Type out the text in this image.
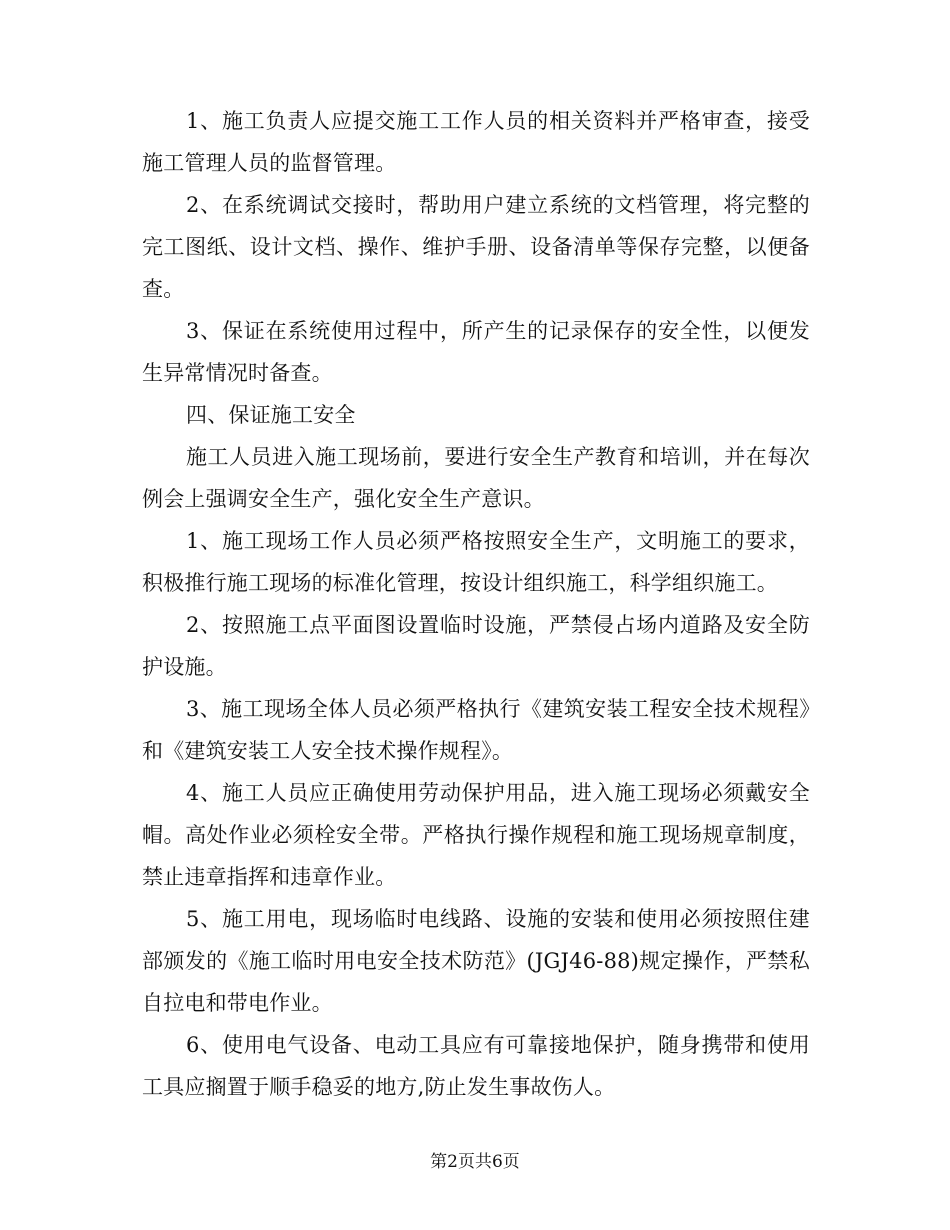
1、施工负责人应提交施工工作人员的相关资料并严格审查，接受施工管理人员的监督管理。

2、在系统调试交接时，帮助用户建立系统的文档管理，将完整的完工图纸、设计文档、操作、维护手册、设备清单等保存完整，以便备查。

3、保证在系统使用过程中，所产生的记录保存的安全性，以便发生异常情况时备查。

四、保证施工安全

施工人员进入施工现场前，要进行安全生产教育和培训，并在每次例会上强调安全生产，强化安全生产意识。

1、施工现场工作人员必须严格按照安全生产，文明施工的要求，积极推行施工现场的标准化管理，按设计组织施工，科学组织施工。

2、按照施工点平面图设置临时设施，严禁侵占场内道路及安全防护设施。

3、施工现场全体人员必须严格执行《建筑安装工程安全技术规程》和《建筑安装工人安全技术操作规程》。

4、施工人员应正确使用劳动保护用品，进入施工现场必须戴安全帽。高处作业必须栓安全带。严格执行操作规程和施工现场规章制度，禁止违章指挥和违章作业。

5、施工用电，现场临时电线路、设施的安装和使用必须按照住建部颁发的《施工临时用电安全技术防范》(JGJ46-88)规定操作，严禁私自拉电和带电作业。

6、使用电气设备、电动工具应有可靠接地保护，随身携带和使用工具应搁置于顺手稳妥的地方,防止发生事故伤人。

第2页共6页
